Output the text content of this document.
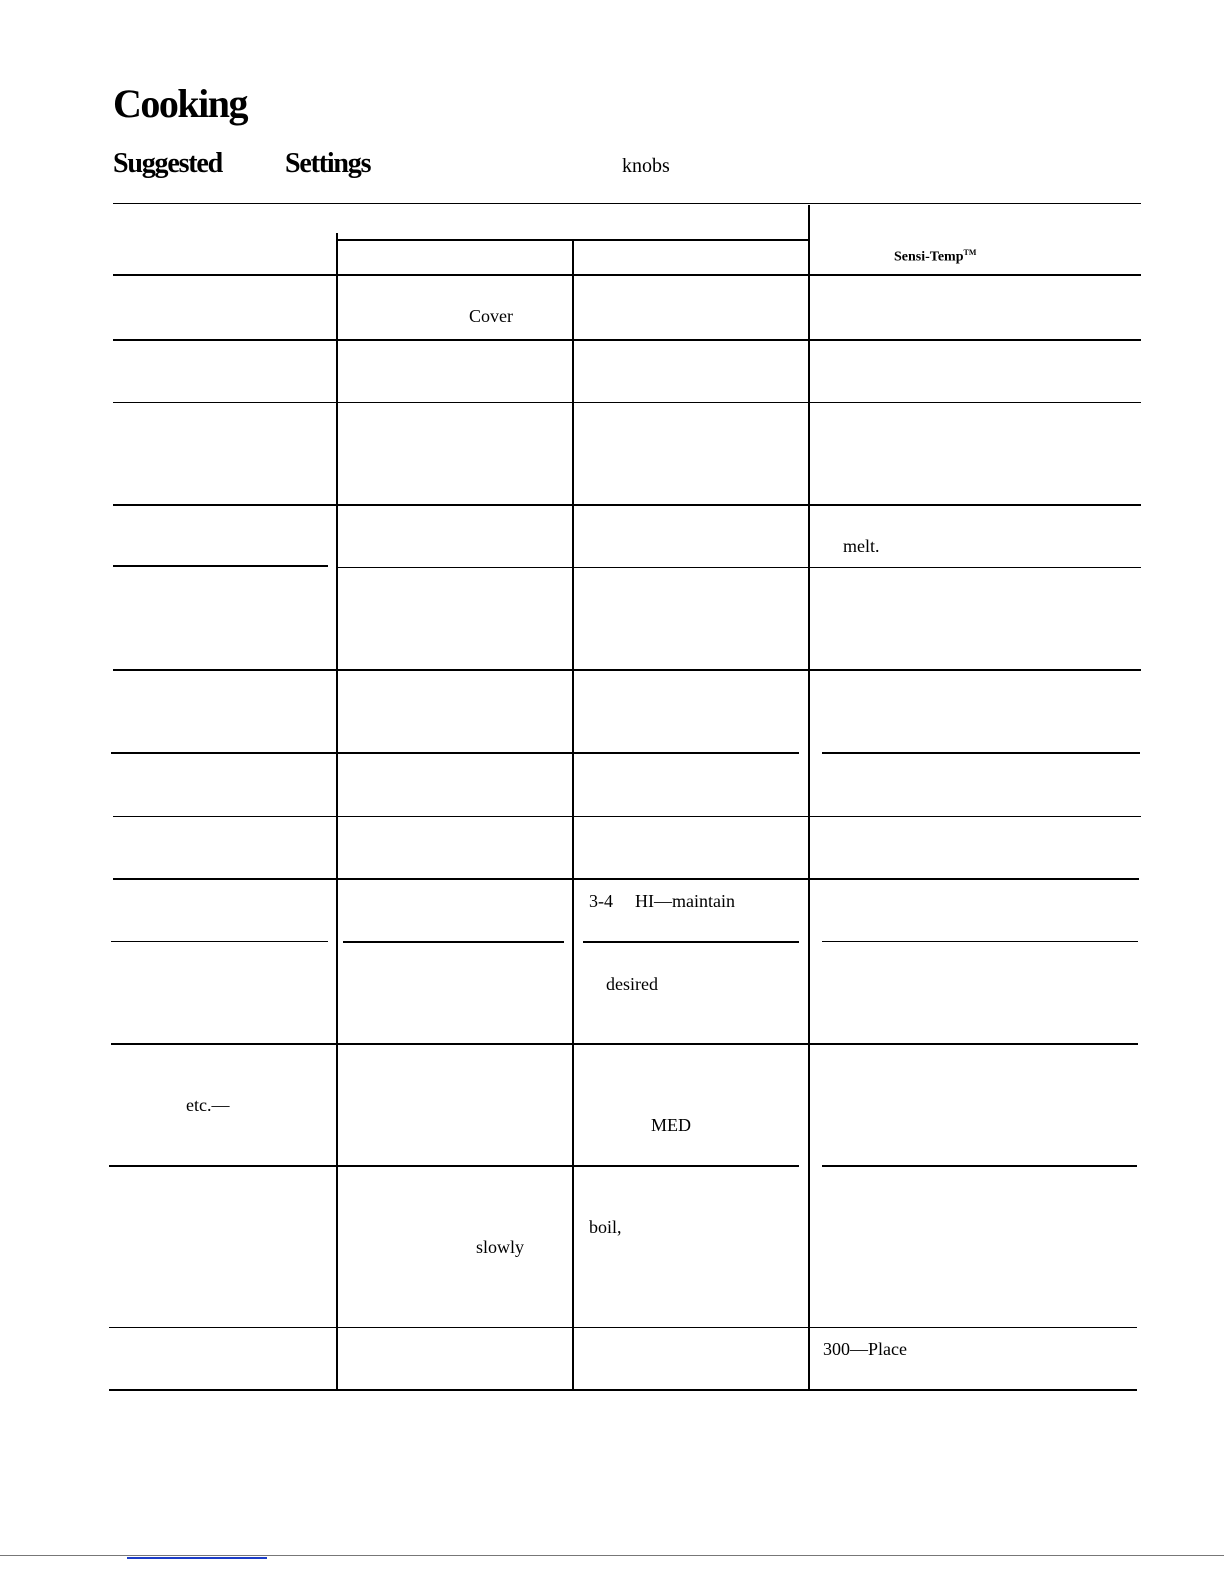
Cooking
Suggested Settings	knobs
Sensi-Temp™
Cover
melt.
3-4 HI—maintain
desired
etc.—
MED
slowly
boil,
300—Place
